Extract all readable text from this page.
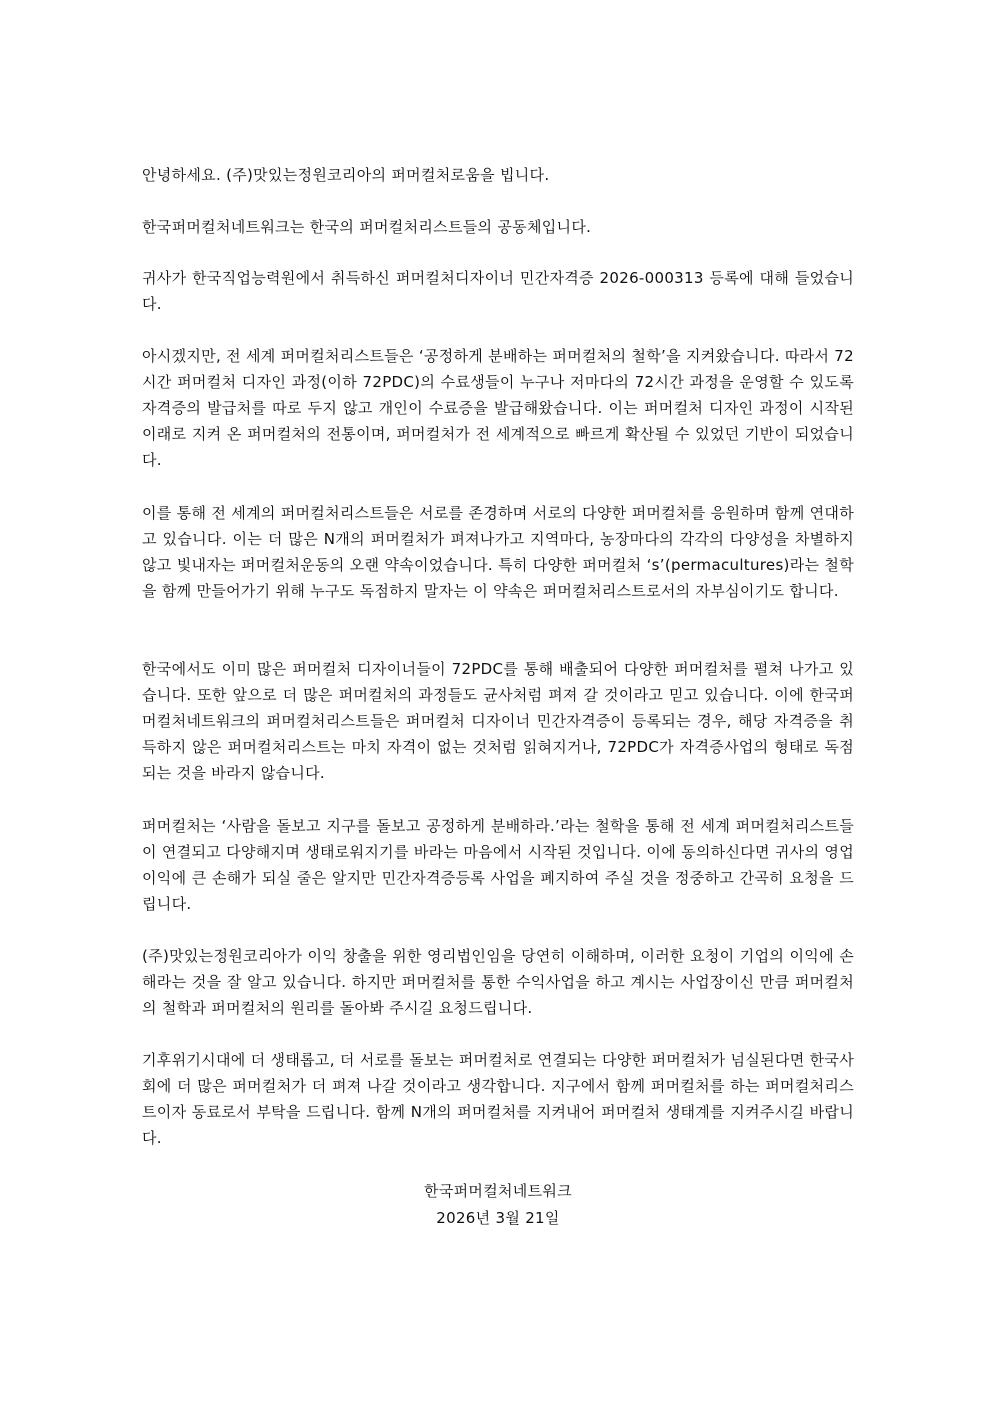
안녕하세요. (주)맛있는정원코리아의 퍼머컬처로움을 빕니다.
한국퍼머컬처네트워크는 한국의 퍼머컬처리스트들의 공동체입니다.
귀사가 한국직업능력원에서 취득하신 퍼머컬처디자이너 민간자격증 2026-000313 등록에 대해 들었습니다.
아시겠지만, 전 세계 퍼머컬처리스트들은 ‘공정하게 분배하는 퍼머컬처의 철학’을 지켜왔습니다. 따라서 72시간 퍼머컬처 디자인 과정(이하 72PDC)의 수료생들이 누구나 저마다의 72시간 과정을 운영할 수 있도록 자격증의 발급처를 따로 두지 않고 개인이 수료증을 발급해왔습니다. 이는 퍼머컬처 디자인 과정이 시작된 이래로 지켜 온 퍼머컬처의 전통이며, 퍼머컬처가 전 세계적으로 빠르게 확산될 수 있었던 기반이 되었습니다.
이를 통해 전 세계의 퍼머컬처리스트들은 서로를 존경하며 서로의 다양한 퍼머컬처를 응원하며 함께 연대하고 있습니다. 이는 더 많은 N개의 퍼머컬처가 펴져나가고 지역마다, 농장마다의 각각의 다양성을 차별하지 않고 빛내자는 퍼머컬처운동의 오랜 약속이었습니다. 특히 다양한 퍼머컬처 ‘s’(permacultures)라는 철학을 함께 만들어가기 위해 누구도 독점하지 말자는 이 약속은 퍼머컬처리스트로서의 자부심이기도 합니다.
한국에서도 이미 많은 퍼머컬처 디자이너들이 72PDC를 통해 배출되어 다양한 퍼머컬처를 펼쳐 나가고 있습니다. 또한 앞으로 더 많은 퍼머컬처의 과정들도 균사처럼 펴져 갈 것이라고 믿고 있습니다. 이에 한국퍼머컬처네트워크의 퍼머컬처리스트들은 퍼머컬처 디자이너 민간자격증이 등록되는 경우, 해당 자격증을 취득하지 않은 퍼머컬처리스트는 마치 자격이 없는 것처럼 읽혀지거나, 72PDC가 자격증사업의 형태로 독점되는 것을 바라지 않습니다.
퍼머컬처는 ‘사람을 돌보고 지구를 돌보고 공정하게 분배하라.’라는 철학을 통해 전 세계 퍼머컬처리스트들이 연결되고 다양해지며 생태로워지기를 바라는 마음에서 시작된 것입니다. 이에 동의하신다면 귀사의 영업 이익에 큰 손해가 되실 줄은 알지만 민간자격증등록 사업을 폐지하여 주실 것을 정중하고 간곡히 요청을 드립니다.
(주)맛있는정원코리아가 이익 창출을 위한 영리법인임을 당연히 이해하며, 이러한 요청이 기업의 이익에 손해라는 것을 잘 알고 있습니다. 하지만 퍼머컬처를 통한 수익사업을 하고 계시는 사업장이신 만큼 퍼머컬처의 철학과 퍼머컬처의 원리를 돌아봐 주시길 요청드립니다.
기후위기시대에 더 생태롭고, 더 서로를 돌보는 퍼머컬처로 연결되는 다양한 퍼머컬처가 넘실된다면 한국사회에 더 많은 퍼머컬처가 더 펴져 나갈 것이라고 생각합니다. 지구에서 함께 퍼머컬처를 하는 퍼머컬처리스트이자 동료로서 부탁을 드립니다. 함께 N개의 퍼머컬처를 지켜내어 퍼머컬처 생태계를 지켜주시길 바랍니다.
한국퍼머컬처네트워크
2026년 3월 21일
